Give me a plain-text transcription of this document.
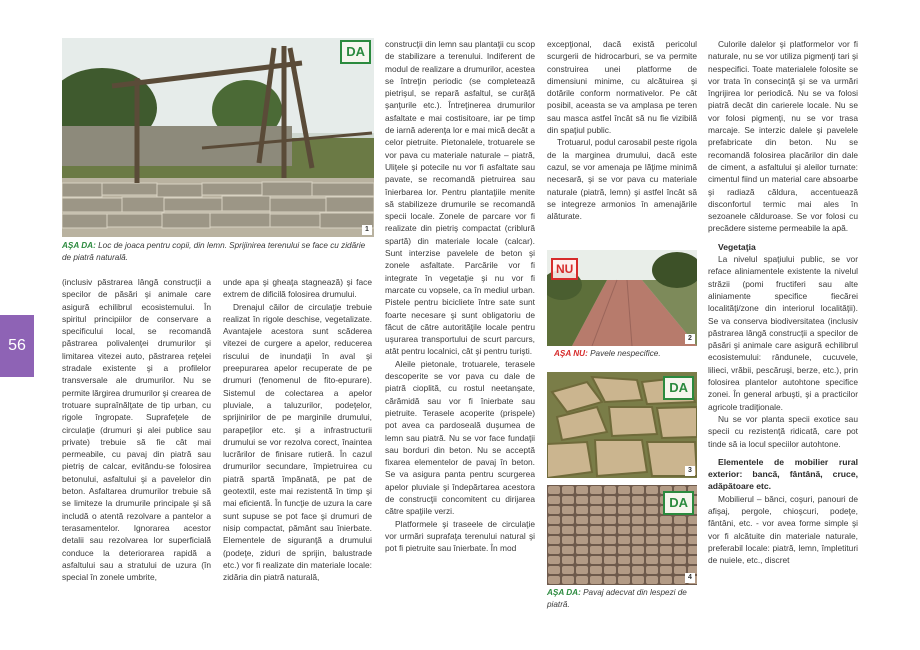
56
DA
1
AŞA DA: Loc de joaca pentru copii, din lemn. Sprijinirea terenului se face cu zidărie de piatră naturală.
NU
2
AŞA NU: Pavele nespecifice.
DA
3
DA
4
AŞA DA: Pavaj adecvat din lespezi de piatră.

(inclusiv păstrarea lângă construcţii a specilor de păsări şi animale care asigură echilibrul ecosistemului. În spiritul principiilor de conservare a specificului local, se recomandă păstrarea polivalenţei drumurilor şi limitarea vitezei auto, păstrarea reţelei stradale existente şi a profilelor transversale ale drumurilor. Nu se permite lărgirea drumurilor şi crearea de trotuare supraînălţate de tip urban, cu rigole îngropate. Suprafeţele de circulaţie (drumuri şi alei publice sau private) trebuie să fie cât mai permeabile, cu pavaj din piatră sau pietriş de calcar, evitându-se folosirea betonului, asfaltului şi a pavelelor din beton. Asfaltarea drumurilor trebuie să se limiteze la drumurile principale şi să includă o atentă rezolvare a pantelor a terasamentelor. Ignorarea acestor detalii sau rezolvarea lor superficială conduce la deteriorarea rapidă a asfaltului sau a stratului de uzura (în special în zonele umbrite,

unde apa şi gheaţa stagnează) şi face extrem de dificilă folosirea drumului.

Drenajul căilor de circulaţie trebuie realizat în rigole deschise, vegetalizate. Avantajele acestora sunt scăderea vitezei de curgere a apelor, reducerea riscului de inundaţii în aval şi preepurarea apelor recuperate de pe drumuri (fenomenul de fito-epurare). Sistemul de colectarea a apelor pluviale, a taluzurilor, podeţelor, sprijinirilor de pe marginile drumului, parapeţilor etc. şi a infrastructurii drumului se vor rezolva corect, înaintea lucrărilor de finisare rutieră. În cazul drumurilor secundare, împietruirea cu piatră spartă împănată, pe pat de geotextil, este mai rezistentă în timp şi mai eficientă. În funcţie de uzura la care sunt supuse se pot face şi drumuri de nisip compactat, pământ sau înierbate. Elementele de siguranţă a drumului (podeţe, ziduri de sprijin, balustrade etc.) vor fi realizate din materiale locale: zidăria din piatră naturală,

construcţii din lemn sau plantaţii cu scop de stabilizare a terenului. Indiferent de modul de realizare a drumurilor, acestea se întreţin periodic (se completează pietrişul, se repară asfaltul, se curăţă şanţurile etc.). Întreţinerea drumurilor asfaltate e mai costisitoare, iar pe timp de iarnă aderenţa lor e mai mică decât a celor pietruite. Pietonalele, trotuarele se vor pava cu materiale naturale – piatră, Uliţele şi potecile nu vor fi asfaltate sau pavate, se recomandă pietruirea sau înierbarea lor. Pentru plantaţiile menite să stabilizeze drumurile se recomandă specii locale. Zonele de parcare vor fi realizate din pietriş compactat (criblură spartă) din materiale locale (calcar). Sunt interzise pavelele de beton şi zonele asfaltate. Parcările vor fi integrate în vegetaţie şi nu vor fi marcate cu vopsele, ca în mediul urban. Pistele pentru bicicliete între sate sunt foarte necesare şi sunt obligatoriu de făcut de către autorităţile locale pentru uşurarea transportului de scurt parcurs, atât pentru localnici, cât şi pentru turişti.

Aleile pietonale, trotuarele, terasele descoperite se vor pava cu dale de piatră cioplită, cu rostul neetanşate, cărămidă sau vor fi înierbate sau pietruite. Terasele acoperite (prispele) pot avea ca pardoseală duşumea de lemn sau piatră. Nu se vor face fundaţii sau borduri din beton. Nu se acceptă fixarea elementelor de pavaj în beton. Se va asigura panta pentru scurgerea apelor pluviale şi îndepărtarea acestora de construcţii concomitent cu dirijarea către spaţiile verzi.

Platformele şi traseele de circulaţie vor urmări suprafaţa terenului natural şi pot fi pietruite sau înierbate. În mod

excepţional, dacă există pericolul scurgerii de hidrocarburi, se va permite construirea unei platforme de dimensiuni minime, cu alcătuirea şi dotările conform normativelor. Pe cât posibil, aceasta se va amplasa pe teren sau masca astfel încât să nu fie vizibilă din spaţiul public.

Trotuarul, podul carosabil peste rigola de la marginea drumului, dacă este cazul, se vor amenaja pe lăţime minimă necesară, şi se vor pava cu materiale naturale (piatră, lemn) şi astfel încât să se integreze armonios în amenajările alăturate.

Culorile dalelor şi platformelor vor fi naturale, nu se vor utiliza pigmenţi tari şi nespecifici. Toate materialele folosite se vor trata în consecinţă şi se va urmări îngrijirea lor periodică. Nu se va folosi piatră decât din carierele locale. Nu se vor folosi pigmenţi, nu se vor trasa marcaje. Se interzic dalele şi pavelele prefabricate din beton. Nu se recomandă folosirea placărilor din dale de ciment, a asfaltului şi aleilor turnate: cimentul fiind un material care absoarbe şi radiază căldura, accentuează disconfortul termic mai ales în sezoanele călduroase. Se vor folosi cu precădere sisteme permeabile la apă.

Vegetaţia

La nivelul spaţiului public, se vor reface aliniamentele existente la nivelul străzii (pomi fructiferi sau alte aliniamente specifice fiecărei localităţi/zone din interiorul localităţii). Se va conserva biodiversitatea (inclusiv păstrarea lângă construcţii a specilor de păsări şi animale care asigură echilibrul ecosistemului: rândunele, cucuvele, lilieci, vrăbii, pescăruşi, berze, etc.), prin folosirea plantelor autohtone specifice zonei. În general arbuşti, şi a practicilor agricole tradiţionale.

Nu se vor planta specii exotice sau specii cu rezistenţă ridicată, care pot tinde să ia locul speciilor autohtone.

Elementele de mobilier rural exterior: bancă, fântână, cruce, adăpătoare etc.

Mobilierul – bănci, coşuri, panouri de afişaj, pergole, chioşcuri, podeţe, fântâni, etc. - vor avea forme simple şi vor fi alcătuite din materiale naturale, preferabil locale: piatră, lemn, împletituri de nuiele, etc., discret
